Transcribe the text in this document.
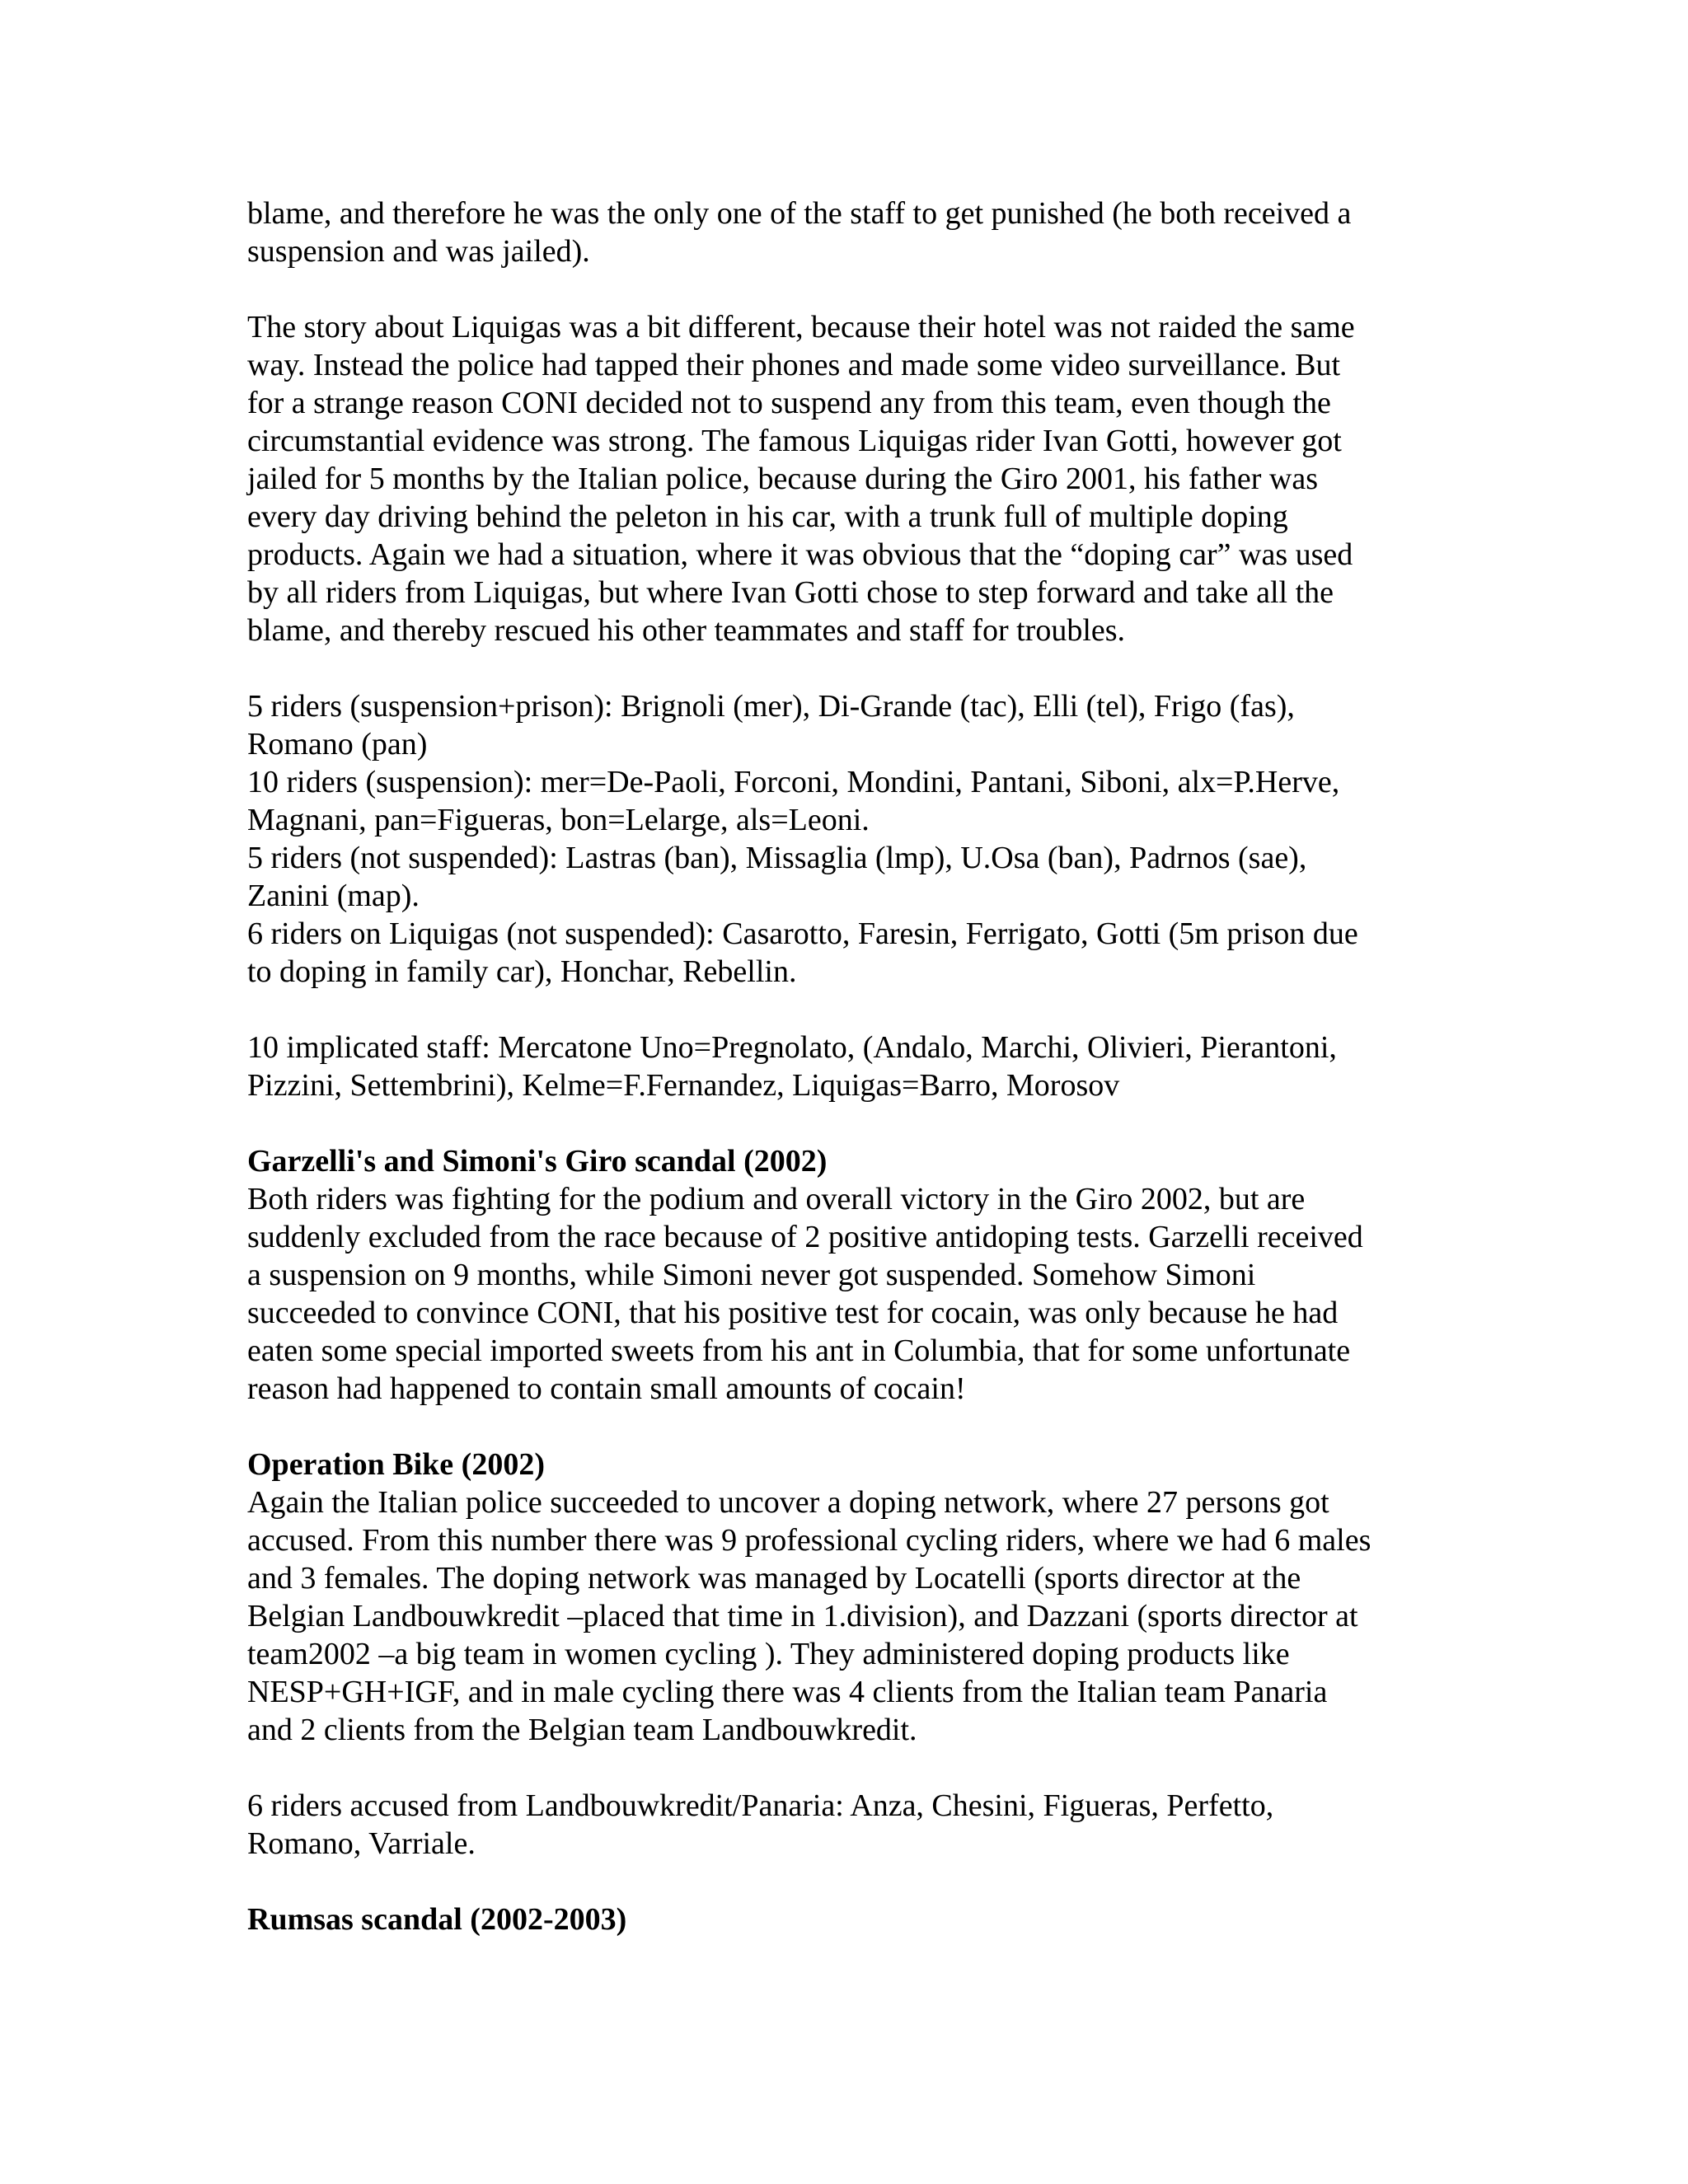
blame, and therefore he was the only one of the staff to get punished (he both received a
suspension and was jailed).
The story about Liquigas was a bit different, because their hotel was not raided the same
way. Instead the police had tapped their phones and made some video surveillance. But
for a strange reason CONI decided not to suspend any from this team, even though the
circumstantial evidence was strong. The famous Liquigas rider Ivan Gotti, however got
jailed for 5 months by the Italian police, because during the Giro 2001, his father was
every day driving behind the peleton in his car, with a trunk full of multiple doping
products. Again we had a situation, where it was obvious that the “doping car” was used
by all riders from Liquigas, but where Ivan Gotti chose to step forward and take all the
blame, and thereby rescued his other teammates and staff for troubles.
5 riders (suspension+prison): Brignoli (mer), Di-Grande (tac), Elli (tel), Frigo (fas),
Romano (pan)
10 riders (suspension): mer=De-Paoli, Forconi, Mondini, Pantani, Siboni, alx=P.Herve,
Magnani, pan=Figueras, bon=Lelarge, als=Leoni.
5 riders (not suspended): Lastras (ban), Missaglia (lmp), U.Osa (ban), Padrnos (sae),
Zanini (map).
6 riders on Liquigas (not suspended): Casarotto, Faresin, Ferrigato, Gotti (5m prison due
to doping in family car), Honchar, Rebellin.
10 implicated staff: Mercatone Uno=Pregnolato, (Andalo, Marchi, Olivieri, Pierantoni,
Pizzini, Settembrini), Kelme=F.Fernandez, Liquigas=Barro, Morosov
Garzelli's and Simoni's Giro scandal (2002)
Both riders was fighting for the podium and overall victory in the Giro 2002, but are
suddenly excluded from the race because of 2 positive antidoping tests. Garzelli received
a suspension on 9 months, while Simoni never got suspended. Somehow Simoni
succeeded to convince CONI, that his positive test for cocain, was only because he had
eaten some special imported sweets from his ant in Columbia, that for some unfortunate
reason had happened to contain small amounts of cocain!
Operation Bike (2002)
Again the Italian police succeeded to uncover a doping network, where 27 persons got
accused. From this number there was 9 professional cycling riders, where we had 6 males
and 3 females. The doping network was managed by Locatelli (sports director at the
Belgian Landbouwkredit –placed that time in 1.division), and Dazzani (sports director at
team2002 –a big team in women cycling ). They administered doping products like
NESP+GH+IGF, and in male cycling there was 4 clients from the Italian team Panaria
and 2 clients from the Belgian team Landbouwkredit.
6 riders accused from Landbouwkredit/Panaria: Anza, Chesini, Figueras, Perfetto,
Romano, Varriale.
Rumsas scandal (2002-2003)
